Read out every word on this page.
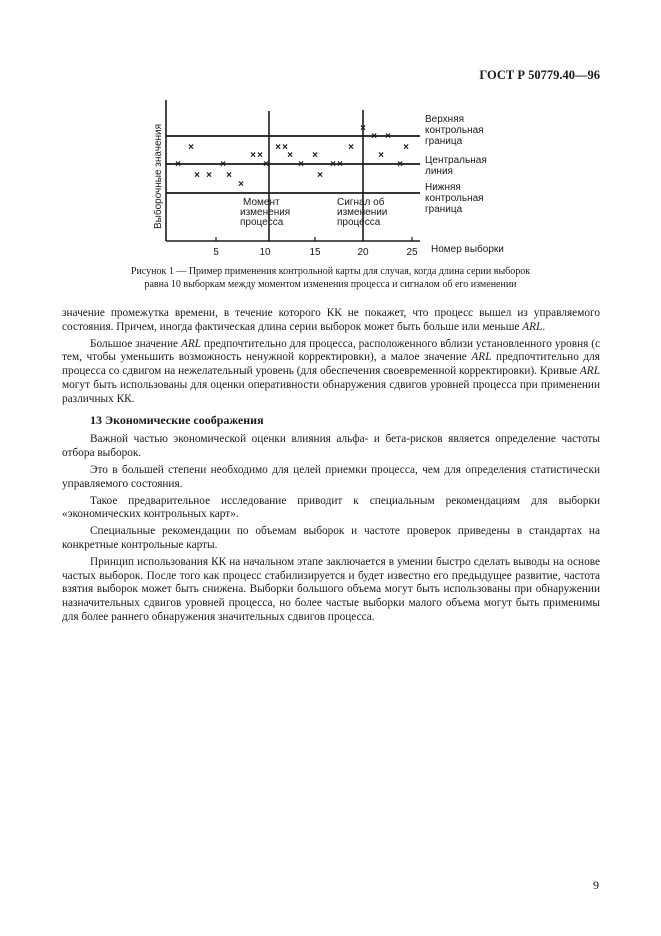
ГОСТ Р 50779.40—96
Выборочные значения
5	10	15	20	25 Номер выборки
Верхняя
контрольная
граница
Центральная
линия
Нижняя
контрольная
граница
Момент
изменения
процесса
Сигнал об
изменении
процесса
×
×
× ×
×
×
×
× ×
×
× ×
×
×
×
×
× ×
×
×
×
×
×
×
×
Рисунок 1 — Пример применения контрольной карты для случая, когда длина серии выборок
равна 10 выборкам между моментом изменения процесса и сигналом об его изменении

значение промежутка времени, в течение которого КК не покажет, что процесс вышел из управляемого состояния. Причем, иногда фактическая длина серии выборок может быть больше или меньше ARL.

Большое значение ARL предпочтительно для процесса, расположенного вблизи установленного уровня (с тем, чтобы уменьшить возможность ненужной корректировки), а малое значение ARL предпочтительно для процесса со сдвигом на нежелательный уровень (для обеспечения своевременной корректировки). Кривые ARL могут быть использованы для оценки оперативности обнаружения сдвигов уровней процесса при применении различных КК.

13 Экономические соображения

Важной частью экономической оценки влияния альфа- и бета-рисков является определение частоты отбора выборок.

Это в большей степени необходимо для целей приемки процесса, чем для определения статистически управляемого состояния.

Такое предварительное исследование приводит к специальным рекомендациям для выборки «экономических контрольных карт».

Специальные рекомендации по объемам выборок и частоте проверок приведены в стандартах на конкретные контрольные карты.

Принцип использования КК на начальном этапе заключается в умении быстро сделать выводы на основе частых выборок. После того как процесс стабилизируется и будет известно его предыдущее развитие, частота взятия выборок может быть снижена. Выборки большого объема могут быть использованы при обнаружении назначительных сдвигов уровней процесса, но более частые выборки малого объема могут быть применимы для более раннего обнаружения значительных сдвигов процесса.

9
